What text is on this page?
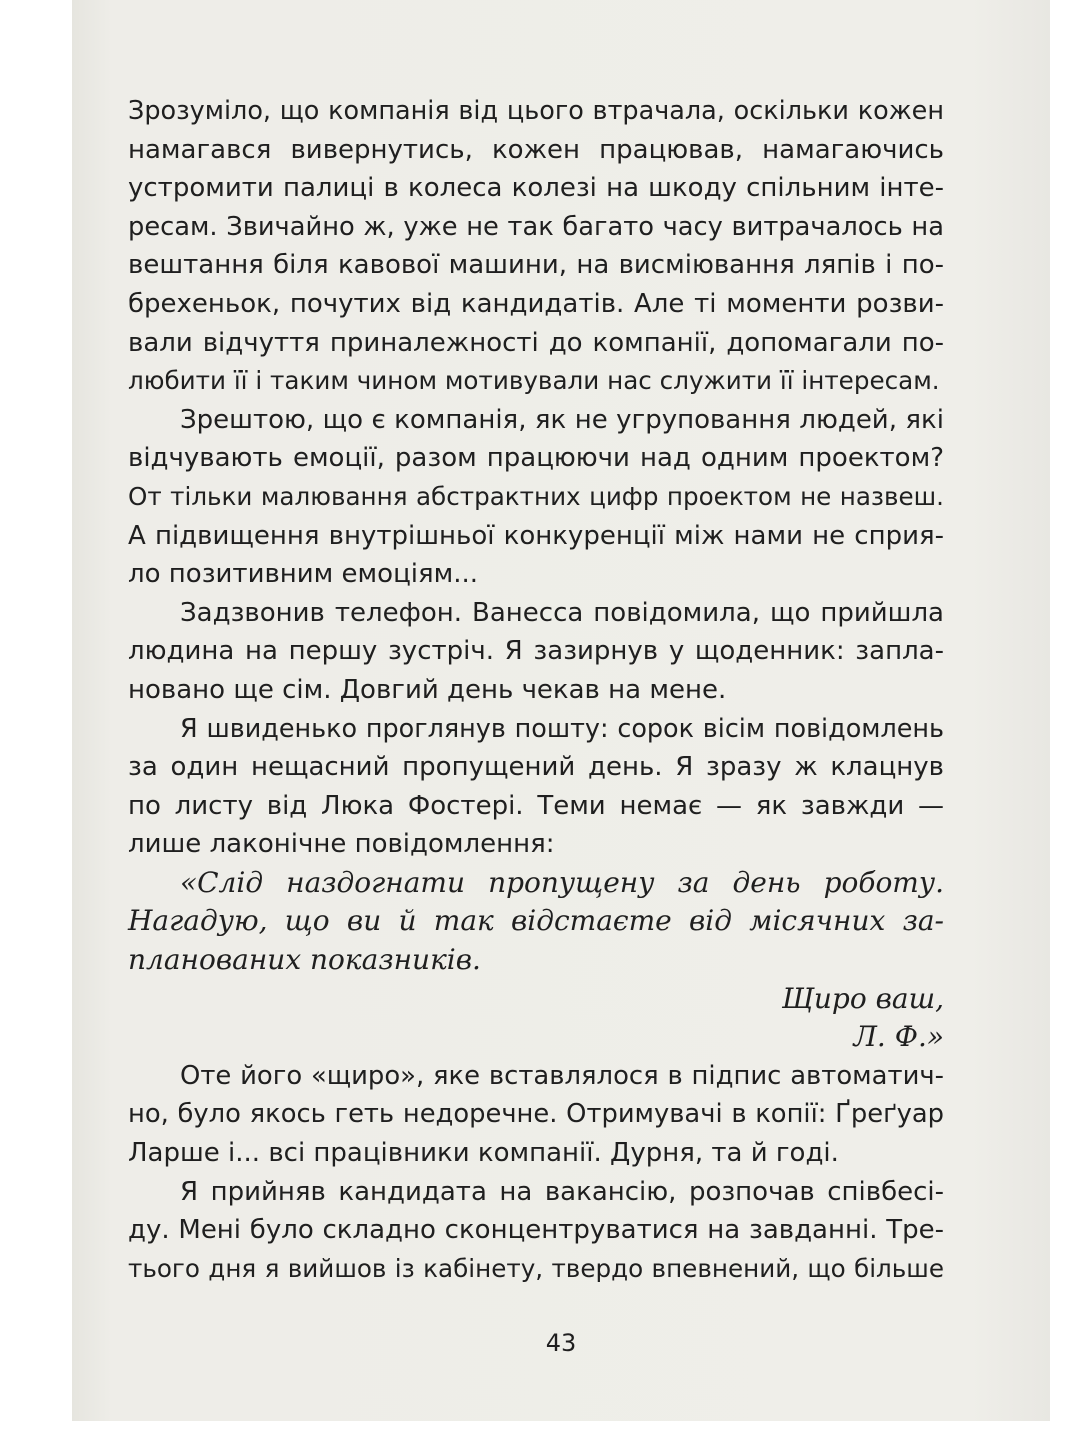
Зрозуміло, що компанія від цього втрачала, оскільки кожен
намагався вивернутись, кожен працював, намагаючись
устромити палиці в колеса колезі на шкоду спільним інте-
ресам. Звичайно ж, уже не так багато часу витрачалось на
вештання біля кавової машини, на висміювання ляпів і по-
брехеньок, почутих від кандидатів. Але ті моменти розви-
вали відчуття приналежності до компанії, допомагали по-
любити її і таким чином мотивували нас служити її інтересам.
Зрештою, що є компанія, як не угруповання людей, які
відчувають емоції, разом працюючи над одним проектом?
От тільки малювання абстрактних цифр проектом не назвеш.
А підвищення внутрішньої конкуренції між нами не сприя-
ло позитивним емоціям...
Задзвонив телефон. Ванесса повідомила, що прийшла
людина на першу зустріч. Я зазирнув у щоденник: запла-
новано ще сім. Довгий день чекав на мене.
Я швиденько проглянув пошту: сорок вісім повідомлень
за один нещасний пропущений день. Я зразу ж клацнув
по листу від Люка Фостері. Теми немає — як завжди —
лише лаконічне повідомлення:
«Слід наздогнати пропущену за день роботу.
Нагадую, що ви й так відстаєте від місячних за-
планованих показників.
Щиро ваш,
Л. Ф.»
Оте його «щиро», яке вставлялося в підпис автоматич-
но, було якось геть недоречне. Отримувачі в копії: Ґреґуар
Ларше і... всі працівники компанії. Дурня, та й годі.
Я прийняв кандидата на вакансію, розпочав співбесі-
ду. Мені було складно сконцентруватися на завданні. Тре-
тього дня я вийшов із кабінету, твердо впевнений, що більше
43
